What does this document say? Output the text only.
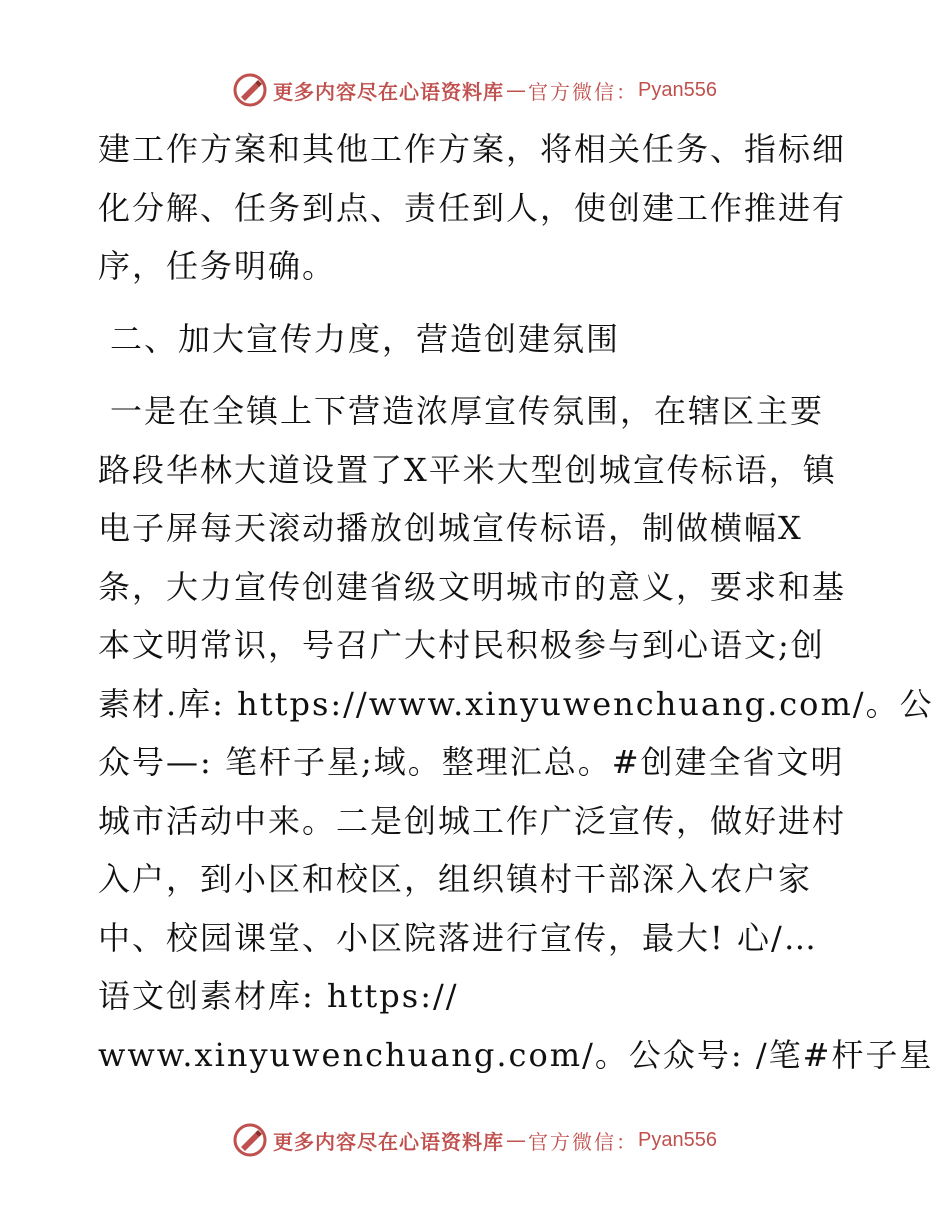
更多内容尽在心语资料库 — 官方微信： Pyan556
建工作方案和其他工作方案，将相关任务、指标细
化分解、任务到点、责任到人，使创建工作推进有
序，任务明确。
二、加大宣传力度，营造创建氛围
一是在全镇上下营造浓厚宣传氛围，在辖区主要
路段华林大道设置了X平米大型创城宣传标语，镇
电子屏每天滚动播放创城宣传标语，制做横幅X
条，大力宣传创建省级文明城市的意义，要求和基
本文明常识，号召广大村民积极参与到心语文;创
素材.库: https://www.xinyuwenchuang.com/。公
众号—: 笔杆子星;域。整理汇总。#创建全省文明
城市活动中来。二是创城工作广泛宣传，做好进村
入户，到小区和校区，组织镇村干部深入农户家
中、校园课堂、小区院落进行宣传，最大! 心/…
语文创素材库: https://
www.xinyuwenchuang.com/。公众号: /笔#杆子星
更多内容尽在心语资料库 — 官方微信： Pyan556
